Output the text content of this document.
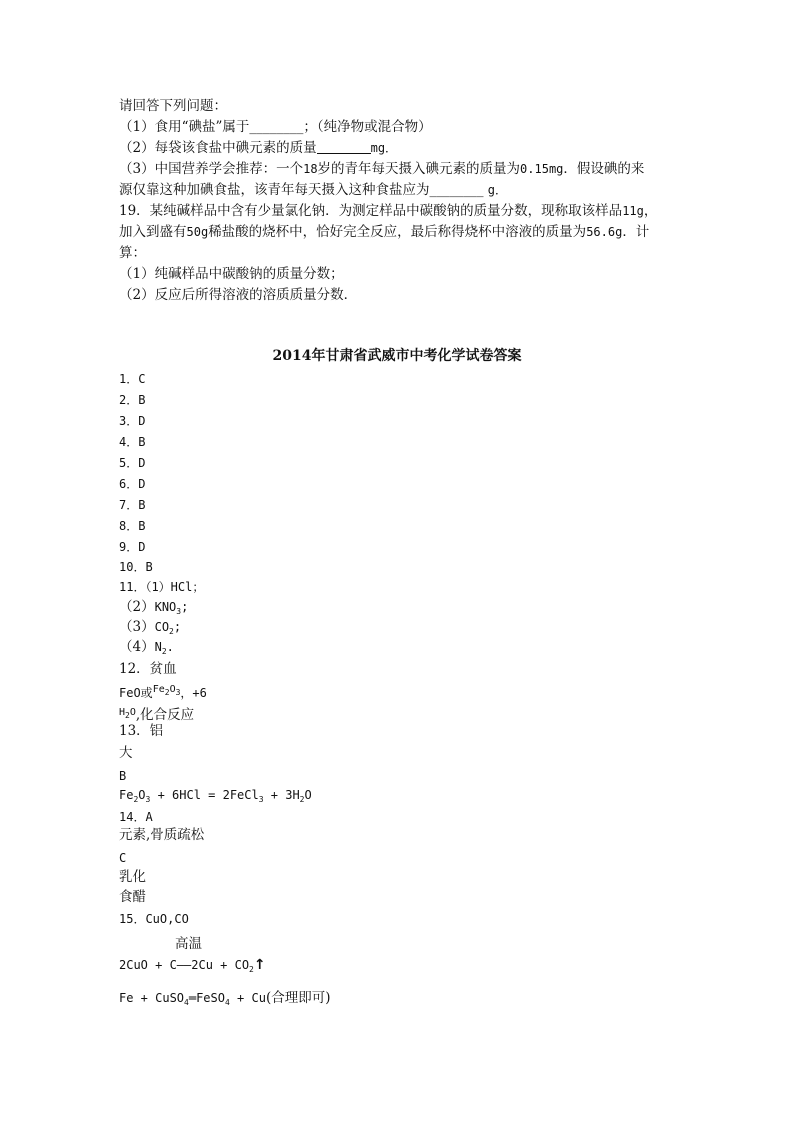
请回答下列问题：
（1）食用“碘盐”属于________；（纯净物或混合物）
（2）每袋该食盐中碘元素的质量	mg．
（3）中国营养学会推荐：一个18岁的青年每天摄入碘元素的质量为0.15mg．假设碘的来
源仅靠这种加碘食盐，该青年每天摄入这种食盐应为________ g．
19．某纯碱样品中含有少量氯化钠．为测定样品中碳酸钠的质量分数，现称取该样品11g，
加入到盛有50g稀盐酸的烧杯中，恰好完全反应，最后称得烧杯中溶液的质量为56.6g．计
算：
（1）纯碱样品中碳酸钠的质量分数；
（2）反应后所得溶液的溶质质量分数．
2014年甘肃省武威市中考化学试卷答案
1．C
2．B
3．D
4．B
5．D
6．D
7．B
8．B
9．D
10．B
11．（1）HCl；
$(2)KNO_3$;
$(3)CO_2$;
$(4)N_2$.
12．贫血
FeO或$^{Fe_2O_3}$，+6
$^{H_2O}$,化合反应
13．铝
大
B
$Fe_2O_3 + 6HCl$ = 2FeCl$_3$ + $3H_2O$
14．A
元素,骨质疏松
C
乳化
食醋
15．CuO,CO
高温
2CuO + C——2Cu + $CO_2↑$
Fe + CuSO$_4$═FeSO$_4$ + Cu(合理即可)
